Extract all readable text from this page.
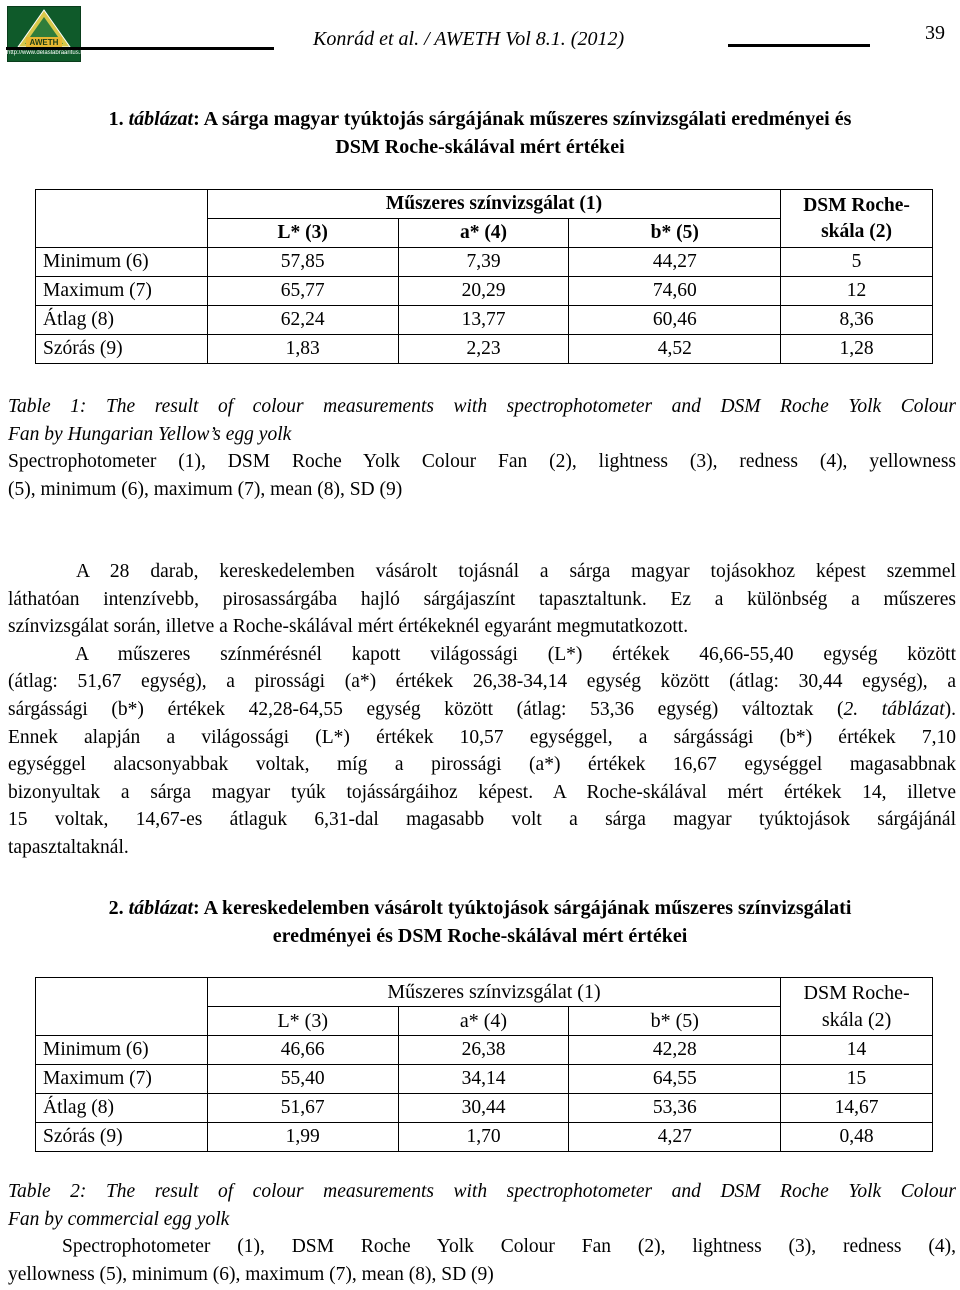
AWETH
http://www.delaslabraaritus.hu
Konrád et al. / AWETH Vol 8.1. (2012)	39
1. táblázat: A sárga magyar tyúktojás sárgájának műszeres színvizsgálati eredményei és
DSM Roche-skálával mért értékei
	Műszeres színvizsgálat (1)			DSM Roche-
skála (2)

	L* (3)	a* (4)	b* (5)	
Minimum (6)	57,85	7,39	44,27	5
Maximum (7)	65,77	20,29	74,60	12
Átlag (8)	62,24	13,77	60,46	8,36
Szórás (9)	1,83	2,23	4,52	1,28
Table 1: The result of colour measurements with spectrophotometer and DSM Roche Yolk Colour
Fan by Hungarian Yellow’s egg yolk
Spectrophotometer (1), DSM Roche Yolk Colour Fan (2), lightness (3), redness (4), yellowness
(5), minimum (6), maximum (7), mean (8), SD (9)
A 28 darab, kereskedelemben vásárolt tojásnál a sárga magyar tojásokhoz képest szemmel
láthatóan intenzívebb, pirosassárgába hajló sárgájaszínt tapasztaltunk. Ez a különbség a műszeres
színvizsgálat során, illetve a Roche-skálával mért értékeknél egyaránt megmutatkozott.
A műszeres színmérésnél kapott világossági (L*) értékek 46,66-55,40 egység között
(átlag: 51,67 egység), a pirossági (a*) értékek 26,38-34,14 egység között (átlag: 30,44 egység), a
sárgássági (b*) értékek 42,28-64,55 egység között (átlag: 53,36 egység) változtak (2. táblázat).
Ennek alapján a világossági (L*) értékek 10,57 egységgel, a sárgássági (b*) értékek 7,10
egységgel alacsonyabbak voltak, míg a pirossági (a*) értékek 16,67 egységgel magasabbnak
bizonyultak a sárga magyar tyúk tojássárgáihoz képest. A Roche-skálával mért értékek 14, illetve
15 voltak, 14,67-es átlaguk 6,31-dal magasabb volt a sárga magyar tyúktojások sárgájánál
tapasztaltaknál.
2. táblázat: A kereskedelemben vásárolt tyúktojások sárgájának műszeres színvizsgálati
eredményei és DSM Roche-skálával mért értékei
	Műszeres színvizsgálat (1)			DSM Roche-
skála (2)

	L* (3)	a* (4)	b* (5)	
Minimum (6)	46,66	26,38	42,28	14
Maximum (7)	55,40	34,14	64,55	15
Átlag (8)	51,67	30,44	53,36	14,67
Szórás (9)	1,99	1,70	4,27	0,48
Table 2: The result of colour measurements with spectrophotometer and DSM Roche Yolk Colour
Fan by commercial egg yolk
Spectrophotometer (1), DSM Roche Yolk Colour Fan (2), lightness (3), redness (4),
yellowness (5), minimum (6), maximum (7), mean (8), SD (9)
